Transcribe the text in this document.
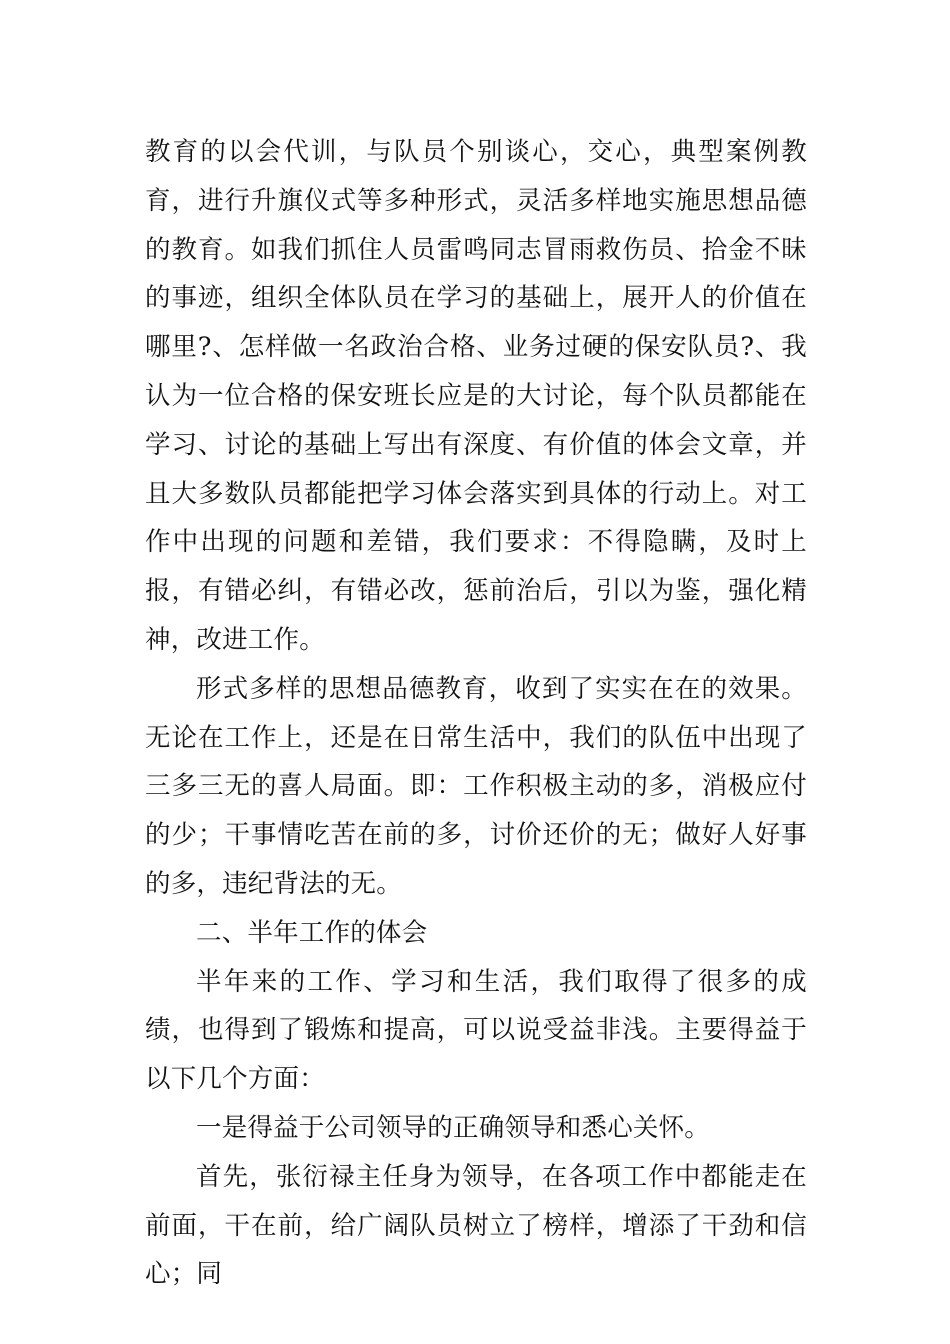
教育的以会代训，与队员个别谈心，交心，典型案例教育，进行升旗仪式等多种形式，灵活多样地实施思想品德的教育。如我们抓住人员雷鸣同志冒雨救伤员、拾金不昧的事迹，组织全体队员在学习的基础上，展开人的价值在哪里?、怎样做一名政治合格、业务过硬的保安队员?、我认为一位合格的保安班长应是的大讨论，每个队员都能在学习、讨论的基础上写出有深度、有价值的体会文章，并且大多数队员都能把学习体会落实到具体的行动上。对工作中出现的问题和差错，我们要求：不得隐瞒，及时上报，有错必纠，有错必改，惩前治后，引以为鉴，强化精神，改进工作。

形式多样的思想品德教育，收到了实实在在的效果。无论在工作上，还是在日常生活中，我们的队伍中出现了三多三无的喜人局面。即：工作积极主动的多，消极应付的少；干事情吃苦在前的多，讨价还价的无；做好人好事的多，违纪背法的无。

二、半年工作的体会

半年来的工作、学习和生活，我们取得了很多的成绩，也得到了锻炼和提高，可以说受益非浅。主要得益于以下几个方面：

一是得益于公司领导的正确领导和悉心关怀。

首先，张衍禄主任身为领导，在各项工作中都能走在前面，干在前，给广阔队员树立了榜样，增添了干劲和信心；同
